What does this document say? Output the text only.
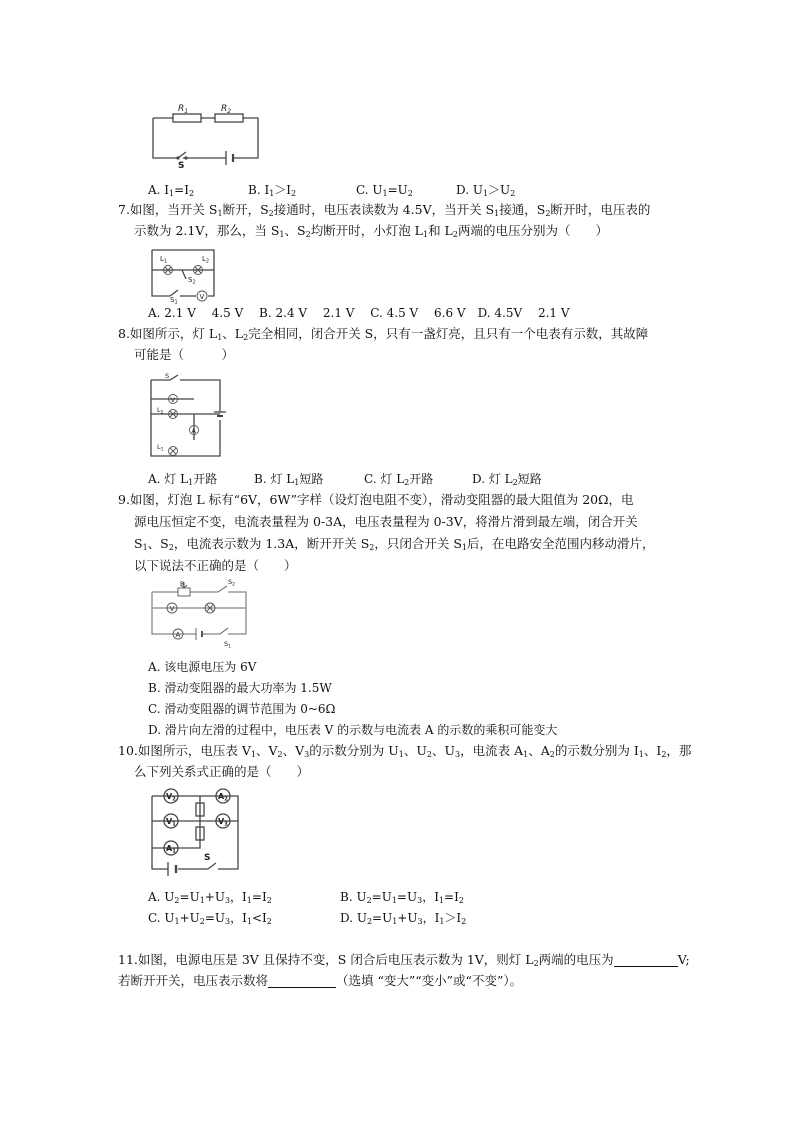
$R_1$	$R_2$
S
A. $I_1=I_2$	B. $I_1>I_2$	C. $U_1=U_2$	D. $U_1>U_2$
7.如图，当开关 $S_1$断开，$S_2$接通时，电压表读数为 4.5V，当开关 $S_1$接通，$S_2$断开时，电压表的
示数为 2.1V，那么，当 $S_1$、$S_2$均断开时，小灯泡 $L_1$和 $L_2$两端的电压分别为（　　）
V
$L_1$	$L_2$
$S_2$
$S_1$
A. 2.1 V　 4.5 V　 B. 2.4 V　 2.1 V　 C. 4.5 V　 6.6 V　D. 4.5V　 2.1 V
8.如图所示，灯 $L_1$、$L_2$完全相同，闭合开关 S，只有一盏灯亮，且只有一个电表有示数，其故障
可能是（　　　）
V
A
S
$L_2$
$L_1$
A. 灯 $L_1$开路	B. 灯 $L_1$短路	C. 灯 $L_2$开路	D. 灯 $L_2$短路
9.如图，灯泡 L 标有“6V，6W”字样（设灯泡电阻不变），滑动变阻器的最大阻值为 20Ω，电
源电压恒定不变，电流表量程为 0-3A，电压表量程为 0-3V，将滑片滑到最左端，闭合开关
$S_1$、$S_2$，电流表示数为 1.3A，断开开关 $S_2$，只闭合开关 $S_1$后，在电路安全范围内移动滑片，
以下说法不正确的是（　　）
V
A
R	$S_2$
$S_1$
A. 该电源电压为 6V
B. 滑动变阻器的最大功率为 1.5W
C. 滑动变阻器的调节范围为 0~6Ω
D. 滑片向左滑的过程中，电压表 V 的示数与电流表 A 的示数的乘积可能变大
10.如图所示，电压表 $V_1$、$V_2$、$V_3$的示数分别为 $U_1$、$U_2$、$U_3$，电流表 $A_1$、$A_2$的示数分别为 $I_1$、$I_2$，那
么下列关系式正确的是（　　）
V2	A2
V1	V3
A1
S
A. $U_2=U_1+U_3$，$I_1=I_2$	B. $U_2=U_1=U_3$，$I_1=I_2$
C. $U_1+U_2=U_3$，$I_1<I_2$	D. $U_2=U_1+U_3$，$I_1>I_2$
11.如图，电源电压是 3V 且保持不变，S 闭合后电压表示数为 1V，则灯 $L_2$两端的电压为	V;
若断开开关，电压表示数将	（选填 “变大”“变小”或“不变”）。
